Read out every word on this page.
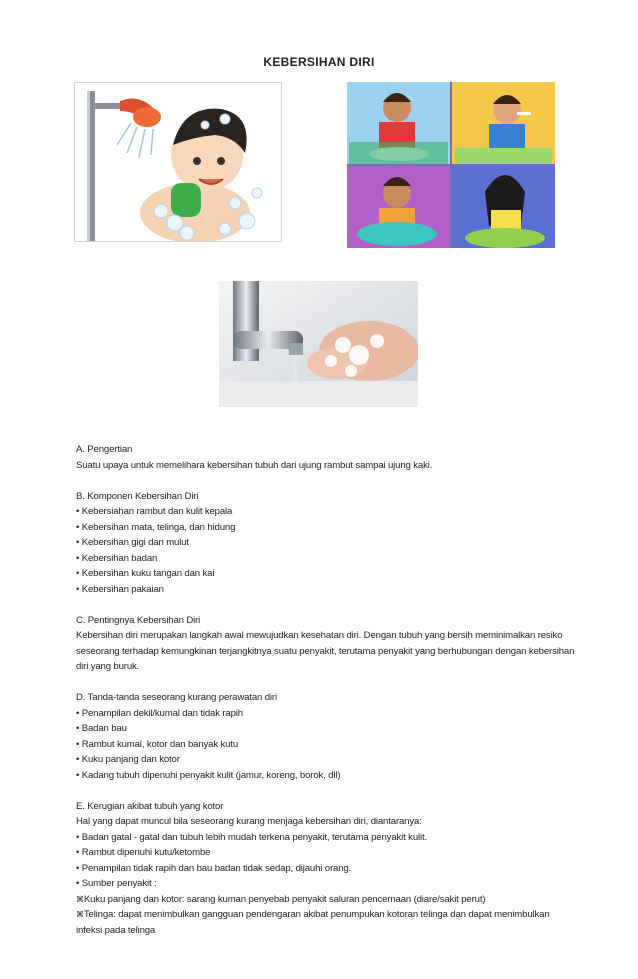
KEBERSIHAN DIRI

A. Pengertian

Suatu upaya untuk memelihara kebersihan tubuh dari ujung rambut sampai ujung kaki.

B. Komponen Kebersihan Diri

• Kebersiahan rambut dan kulit kepala
• Kebersihan mata, telinga, dan hidung
• Kebersihan gigi dan mulut
• Kebersihan badan
• Kebersihan kuku tangan dan kai
• Kebersihan pakaian

C. Pentingnya Kebersihan Diri

Kebersihan diri merupakan langkah awal mewujudkan kesehatan diri. Dengan tubuh yang bersih meminimalkan resiko seseorang terhadap kemungkinan terjangkitnya suatu penyakit, terutama penyakit yang berhubungan dengan kebersihan diri yang buruk.

D. Tanda-tanda seseorang kurang perawatan diri

• Penampilan dekil/kumal dan tidak rapih
• Badan bau
• Rambut kumal, kotor dan banyak kutu
• Kuku panjang dan kotor
• Kadang tubuh dipenuhi penyakit kulit (jamur, koreng, borok, dll)

E. Kerugian akibat tubuh yang kotor

Hal yang dapat muncul bila seseorang kurang menjaga kebersihan diri, diantaranya:

• Badan gatal - gatal dan tubuh lebih mudah terkena penyakit, terutama penyakit kulit.
• Rambut dipenuhi kutu/ketombe
• Penampilan tidak rapih dan bau badan tidak sedap, dijauhi orang.
• Sumber penyakit :
⌘ Kuku panjang dan kotor: sarang kuman penyebab penyakit saluran pencernaan (diare/sakit perut)
⌘ Telinga: dapat menimbulkan gangguan pendengaran akibat penumpukan kotoran telinga dan dapat menimbulkan infeksi pada telinga
